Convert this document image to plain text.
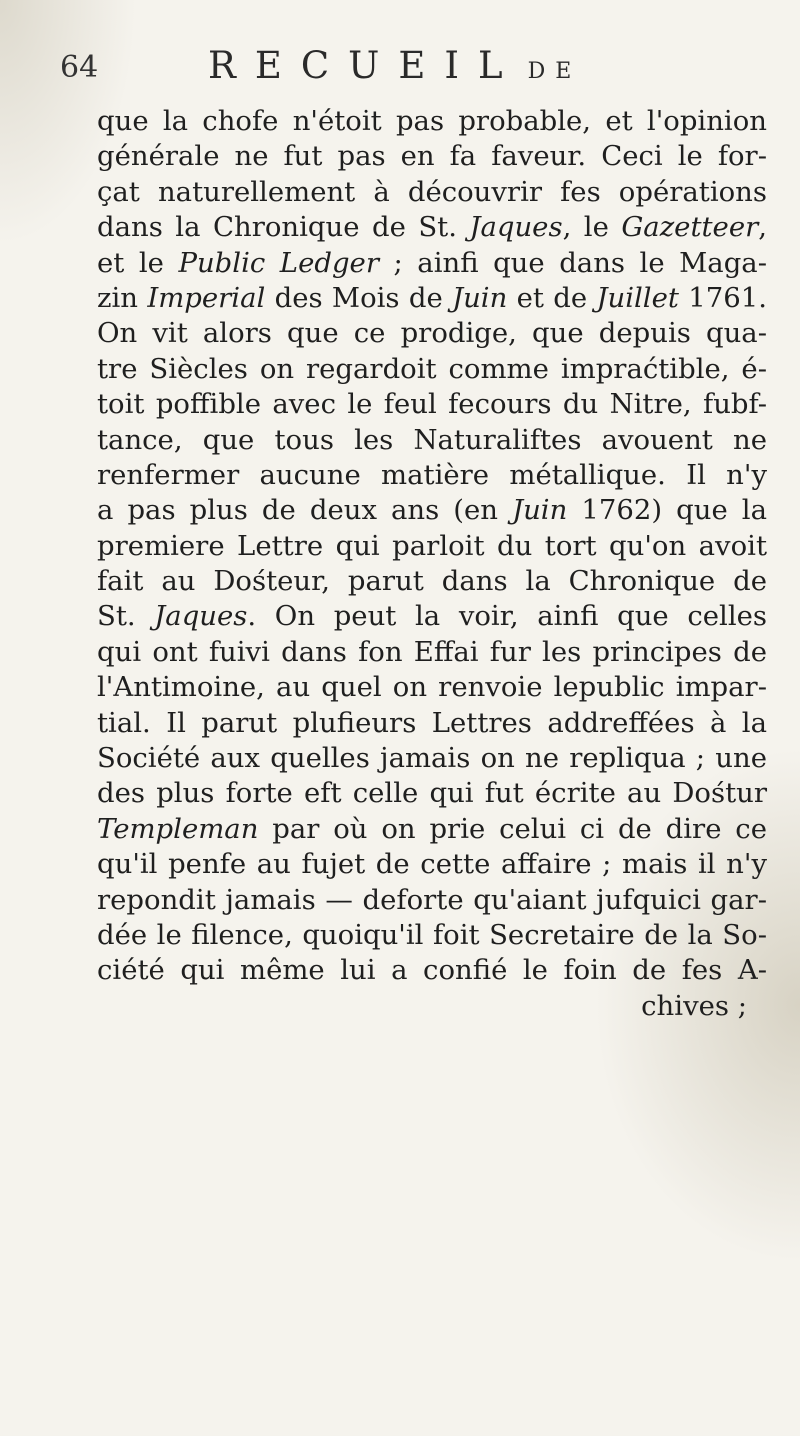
64	RECUEIL DE
que la chofe n'étoit pas probable, et l'opinion
générale ne fut pas en fa faveur. Ceci le for-
çat naturellement à découvrir fes opérations
dans la Chronique de St. Jaques, le Gazetteer,
et le Public Ledger ; ainfi que dans le Maga-
zin Imperial des Mois de Juin et de Juillet 1761.
On vit alors que ce prodige, que depuis qua-
tre Siècles on regardoit comme impraćtible, é-
toit poffible avec le feul fecours du Nitre, fubf-
tance, que tous les Naturaliftes avouent ne
renfermer aucune matière métallique. Il n'y
a pas plus de deux ans (en Juin 1762) que la
premiere Lettre qui parloit du tort qu'on avoit
fait au Dośteur, parut dans la Chronique de
St. Jaques. On peut la voir, ainfi que celles
qui ont fuivi dans fon Effai fur les principes de
l'Antimoine, au quel on renvoie lepublic impar-
tial. Il parut plufieurs Lettres addreffées à la
Société aux quelles jamais on ne repliqua ; une
des plus forte eft celle qui fut écrite au Dośtur
Templeman par où on prie celui ci de dire ce
qu'il penfe au fujet de cette affaire ; mais il n'y
repondit jamais — deforte qu'aiant jufquici gar-
dée le filence, quoiqu'il foit Secretaire de la So-
ciété qui même lui a confié le foin de fes A-
chives ;
